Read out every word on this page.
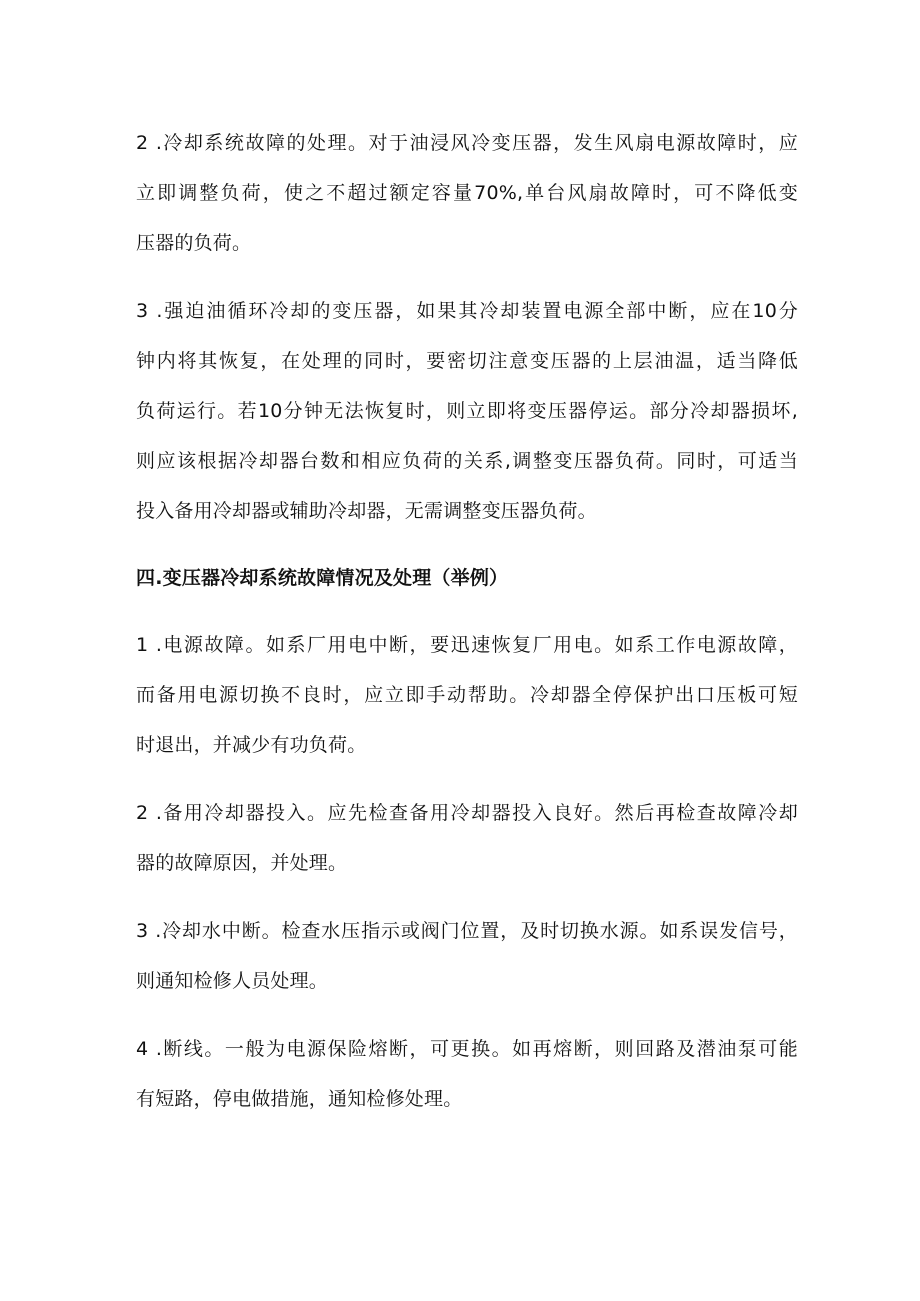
2 .冷却系统故障的处理。对于油浸风冷变压器，发生风扇电源故障时，应
立即调整负荷，使之不超过额定容量70%,单台风扇故障时，可不降低变
压器的负荷。
3 .强迫油循环冷却的变压器，如果其冷却装置电源全部中断，应在10分
钟内将其恢复，在处理的同时，要密切注意变压器的上层油温，适当降低
负荷运行。若10分钟无法恢复时，则立即将变压器停运。部分冷却器损坏,
则应该根据冷却器台数和相应负荷的关系,调整变压器负荷。同时，可适当
投入备用冷却器或辅助冷却器，无需调整变压器负荷。
四.变压器冷却系统故障情况及处理（举例）
1 .电源故障。如系厂用电中断，要迅速恢复厂用电。如系工作电源故障，
而备用电源切换不良时，应立即手动帮助。冷却器全停保护出口压板可短
时退出，并减少有功负荷。
2 .备用冷却器投入。应先检查备用冷却器投入良好。然后再检查故障冷却
器的故障原因，并处理。
3 .冷却水中断。检查水压指示或阀门位置，及时切换水源。如系误发信号，
则通知检修人员处理。
4 .断线。一般为电源保险熔断，可更换。如再熔断，则回路及潜油泵可能
有短路，停电做措施，通知检修处理。
